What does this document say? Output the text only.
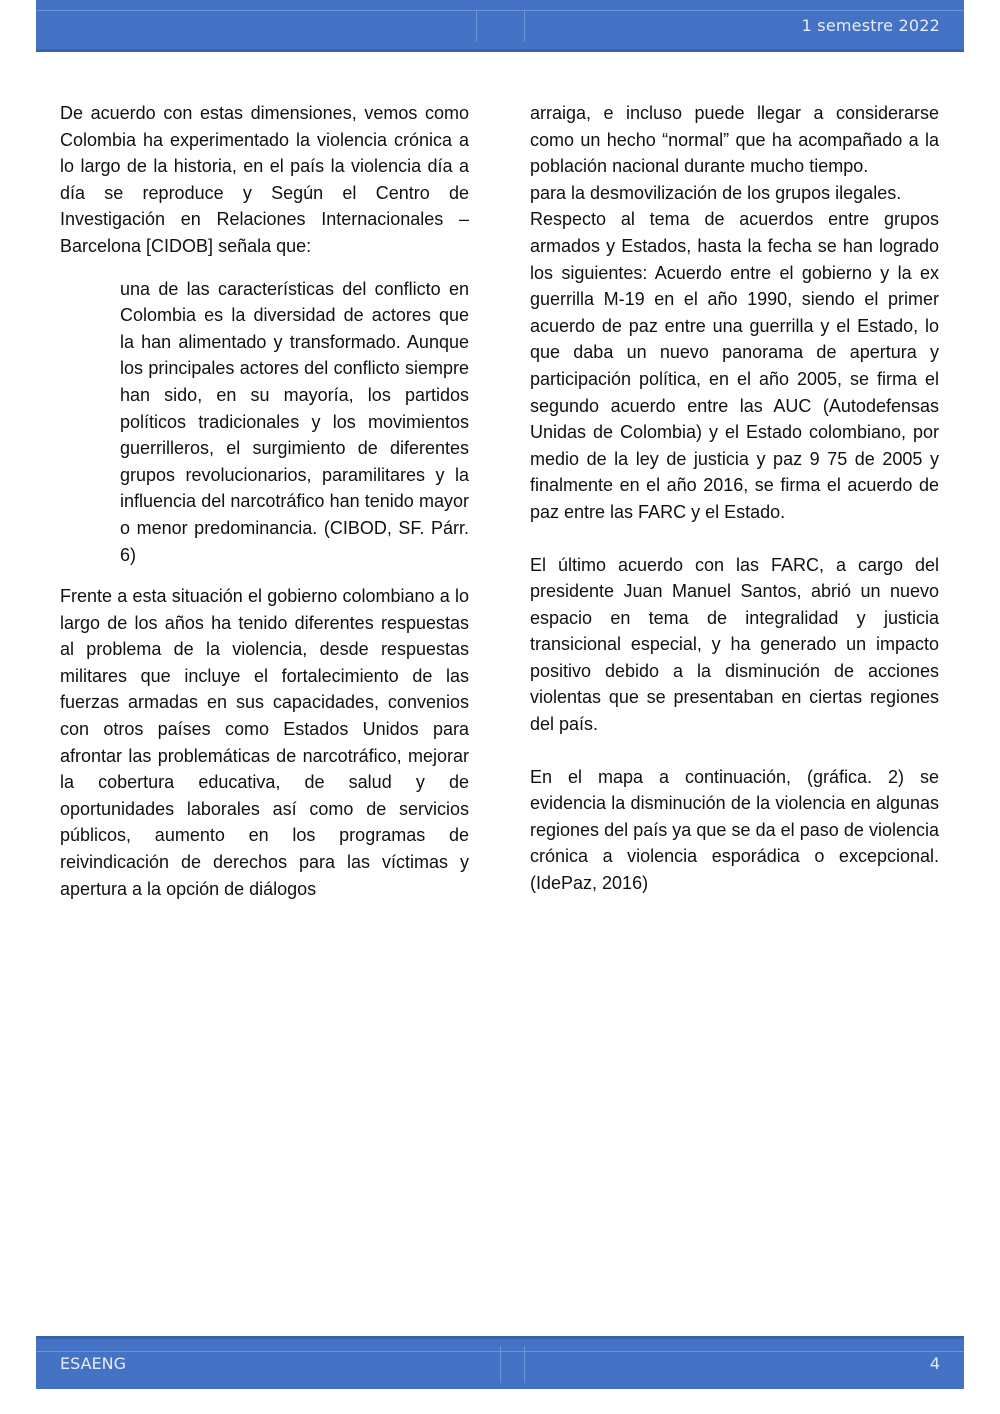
1 semestre 2022

De acuerdo con estas dimensiones, vemos como Colombia ha experimentado la violencia crónica a lo largo de la historia, en el país la violencia día a día se reproduce y Según el Centro de Investigación en Relaciones Internacionales – Barcelona [CIDOB] señala que:

una de las características del conflicto en Colombia es la diversidad de actores que la han alimentado y transformado. Aunque los principales actores del conflicto siempre han sido, en su mayoría, los partidos políticos tradicionales y los movimientos guerrilleros, el surgimiento de diferentes grupos revolucionarios, paramilitares y la influencia del narcotráfico han tenido mayor o menor predominancia. (CIBOD, SF. Párr. 6)

Frente a esta situación el gobierno colombiano a lo largo de los años ha tenido diferentes respuestas al problema de la violencia, desde respuestas militares que incluye el fortalecimiento de las fuerzas armadas en sus capacidades, convenios con otros países como Estados Unidos para afrontar las problemáticas de narcotráfico, mejorar la cobertura educativa, de salud y de oportunidades laborales así como de servicios públicos, aumento en los programas de reivindicación de derechos para las víctimas y apertura a la opción de diálogos

arraiga, e incluso puede llegar a considerarse como un hecho “normal” que ha acompañado a la población nacional durante mucho tiempo.

para la desmovilización de los grupos ilegales.

Respecto al tema de acuerdos entre grupos armados y Estados, hasta la fecha se han logrado los siguientes: Acuerdo entre el gobierno y la ex guerrilla M-19 en el año 1990, siendo el primer acuerdo de paz entre una guerrilla y el Estado, lo que daba un nuevo panorama de apertura y participación política, en el año 2005, se firma el segundo acuerdo entre las AUC (Autodefensas Unidas de Colombia) y el Estado colombiano, por medio de la ley de justicia y paz 9 75 de 2005 y finalmente en el año 2016, se firma el acuerdo de paz entre las FARC y el Estado.

El último acuerdo con las FARC, a cargo del presidente Juan Manuel Santos, abrió un nuevo espacio en tema de integralidad y justicia transicional especial, y ha generado un impacto positivo debido a la disminución de acciones violentas que se presentaban en ciertas regiones del país.

En el mapa a continuación, (gráfica. 2) se evidencia la disminución de la violencia en algunas regiones del país ya que se da el paso de violencia crónica a violencia esporádica o excepcional. (IdePaz, 2016)

ESAENG	4
